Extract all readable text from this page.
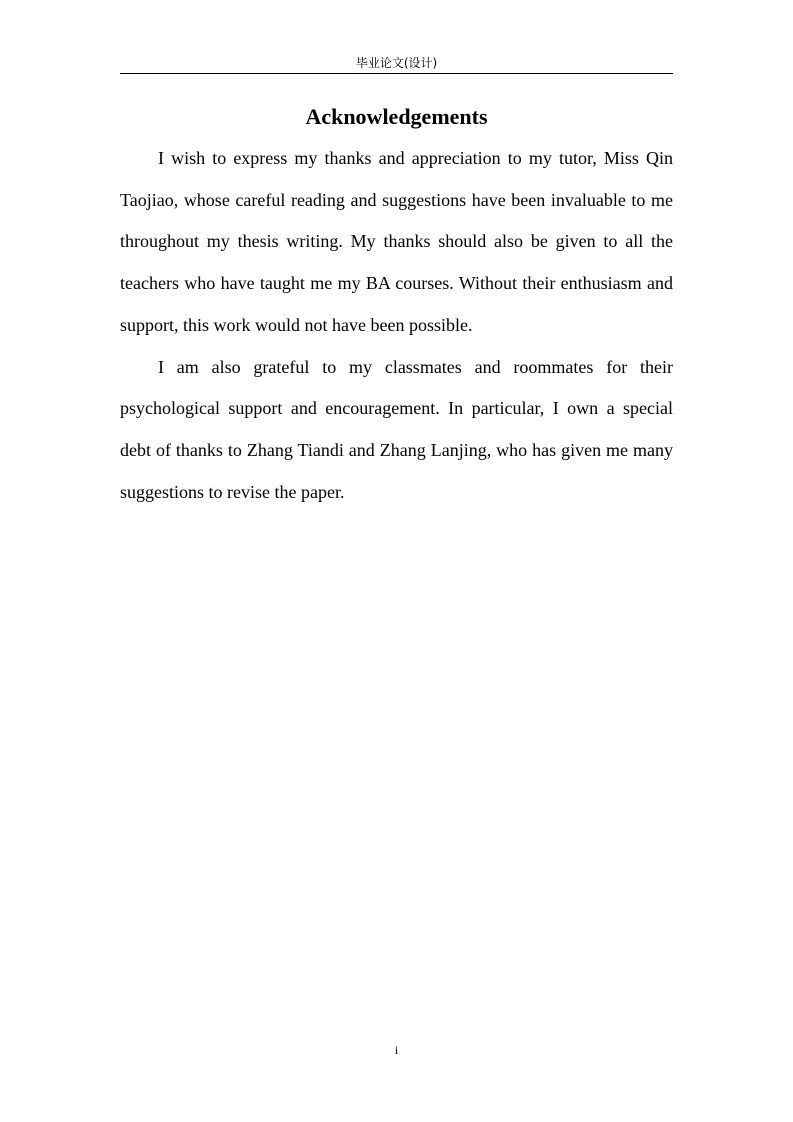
毕业论文(设计)
Acknowledgements

I wish to express my thanks and appreciation to my tutor, Miss Qin Taojiao, whose careful reading and suggestions have been invaluable to me throughout my thesis writing. My thanks should also be given to all the teachers who have taught me my BA courses. Without their enthusiasm and support, this work would not have been possible.

I am also grateful to my classmates and roommates for their psychological support and encouragement. In particular, I own a special debt of thanks to Zhang Tiandi and Zhang Lanjing, who has given me many suggestions to revise the paper.

i
